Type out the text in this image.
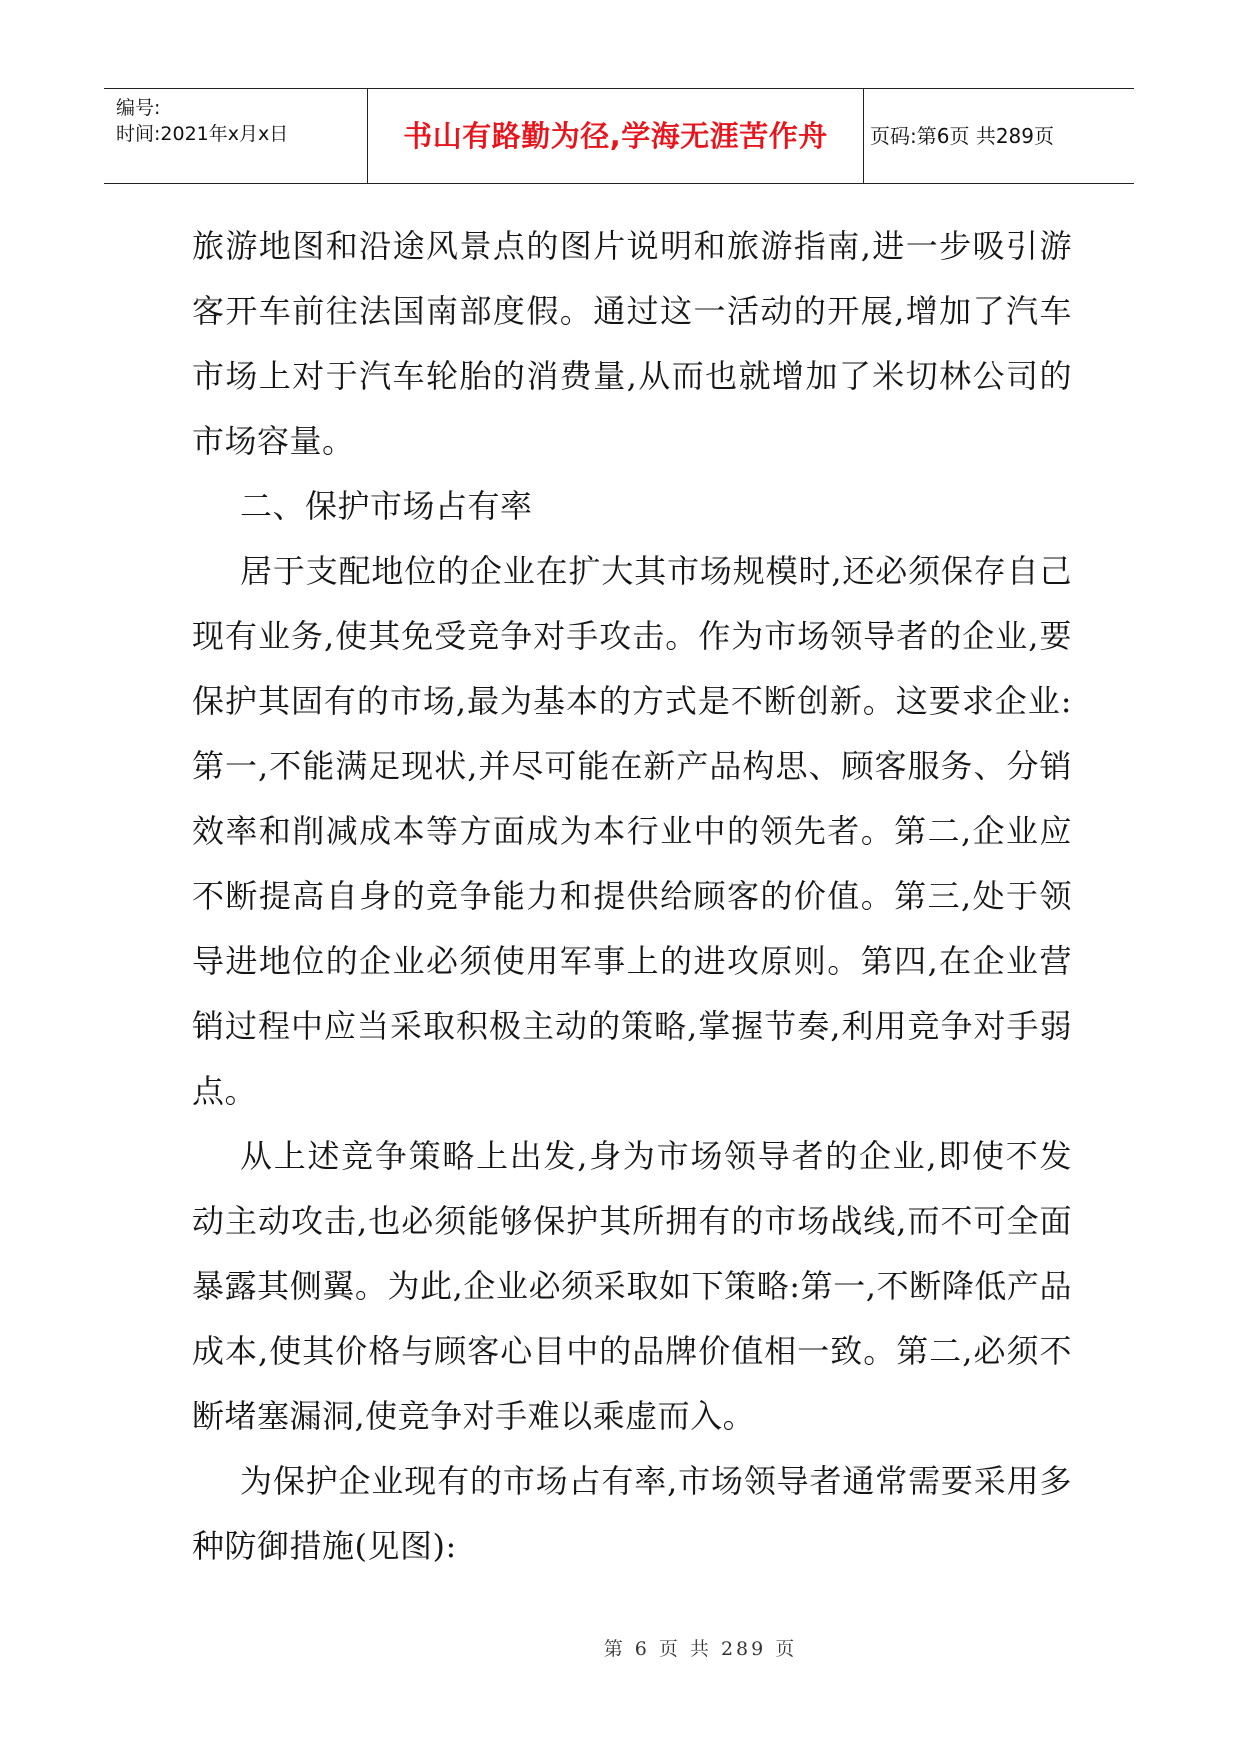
编号:
时间:2021年x月x日	书山有路勤为径,学海无涯苦作舟	页码:第6页 共289页

旅游地图和沿途风景点的图片说明和旅游指南,进一步吸引游客开车前往法国南部度假。通过这一活动的开展,增加了汽车市场上对于汽车轮胎的消费量,从而也就增加了米切林公司的市场容量。

二、保护市场占有率

居于支配地位的企业在扩大其市场规模时,还必须保存自己现有业务,使其免受竞争对手攻击。作为市场领导者的企业,要保护其固有的市场,最为基本的方式是不断创新。这要求企业:第一,不能满足现状,并尽可能在新产品构思、顾客服务、分销效率和削减成本等方面成为本行业中的领先者。第二,企业应不断提高自身的竞争能力和提供给顾客的价值。第三,处于领导进地位的企业必须使用军事上的进攻原则。第四,在企业营销过程中应当采取积极主动的策略,掌握节奏,利用竞争对手弱点。

从上述竞争策略上出发,身为市场领导者的企业,即使不发动主动攻击,也必须能够保护其所拥有的市场战线,而不可全面暴露其侧翼。为此,企业必须采取如下策略:第一,不断降低产品成本,使其价格与顾客心目中的品牌价值相一致。第二,必须不断堵塞漏洞,使竞争对手难以乘虚而入。

为保护企业现有的市场占有率,市场领导者通常需要采用多种防御措施(见图):

第 6 页 共 289 页
